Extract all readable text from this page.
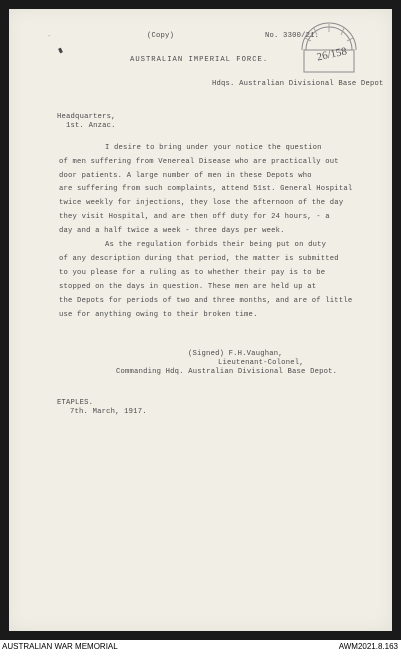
˙
26/158
(Copy)	No. 3300/21.
AUSTRALIAN IMPERIAL FORCE.
Hdqs. Australian Divisional Base Depot
Headquarters,
1st. Anzac.
I desire to bring under your notice the question
of men suffering from Venereal Disease who are practically out
door patients. A large number of men in these Depots who
are suffering from such complaints, attend 51st. General Hospital
twice weekly for injections, they lose the afternoon of the day
they visit Hospital, and are then off duty for 24 hours, - a
day and a half twice a week - three days per week.
As the regulation forbids their being put on duty
of any description during that period, the matter is submitted
to you please for a ruling as to whether their pay is to be
stopped on the days in question. These men are held up at
the Depots for periods of two and three months, and are of little
use for anything owing to their broken time.
(Signed) F.H.Vaughan,
Lieutenant-Colonel,
Commanding Hdq. Australian Divisional Base Depot.
ETAPLES.
7th. March, 1917.
AUSTRALIAN WAR MEMORIAL	AWM2021.8.163
